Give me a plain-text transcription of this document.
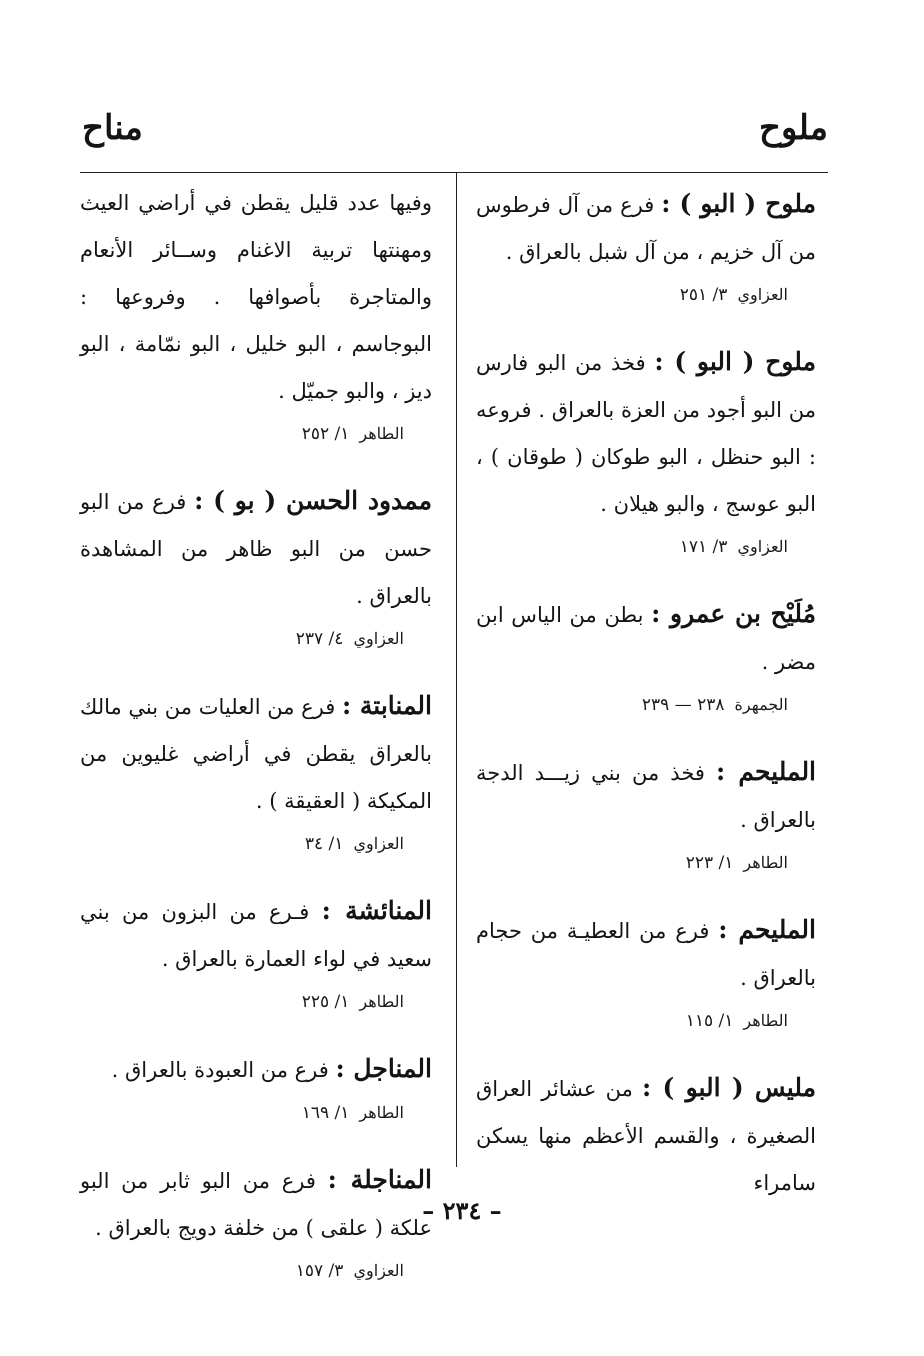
ملوح
مناح

ملوح ( البو ) : فرع من آل فرطوس من آل خزيم ، من آل شبل بالعراق .

العزاوي٣/ ٢٥١

ملوح ( البو ) : فخذ من البو فارس من البو أجود من العزة بالعراق . فروعه : البو حنظل ، البو طوكان ( طوقان ) ، البو عوسج ، والبو هيلان .

العزاوي٣/ ١٧١

مُلَيْح بن عمرو : بطن من الياس ابن مضر .

الجمهرة٢٣٨ — ٢٣٩

المليحم : فخذ من بني زيـــد الدجة بالعراق .

الطاهر١/ ٢٢٣

المليحم : فرع من العطيـة من حجام بالعراق .

الطاهر١/ ١١٥

مليس ( البو ) : من عشائر العراق الصغيرة ، والقسم الأعظم منها يسكن سامراء

وفيها عدد قليل يقطن في أراضي العيث ومهنتها تربية الاغنام وســائر الأنعام والمتاجرة بأصوافها . وفروعها : البوجاسم ، البو خليل ، البو نمّامة ، البو ديز ، والبو جميّل .

الطاهر١/ ٢٥٢

ممدود الحسن ( بو ) : فرع من البو حسن من البو ظاهر من المشاهدة بالعراق .

العزاوي٤/ ٢٣٧

المنابتة : فرع من العليات من بني مالك بالعراق يقطن في أراضي غليوين من المكيكة ( العقيقة ) .

العزاوي١/ ٣٤

المنائشة : فـرع من البزون من بني سعيد في لواء العمارة بالعراق .

الطاهر١/ ٢٢٥

المناجل : فرع من العبودة بالعراق .

الطاهر١/ ١٦٩

المناجلة : فرع من البو ثابر من البو علكة ( علقى ) من خلفة دويج بالعراق .

العزاوي٣/ ١٥٧
– ٢٣٤ –
